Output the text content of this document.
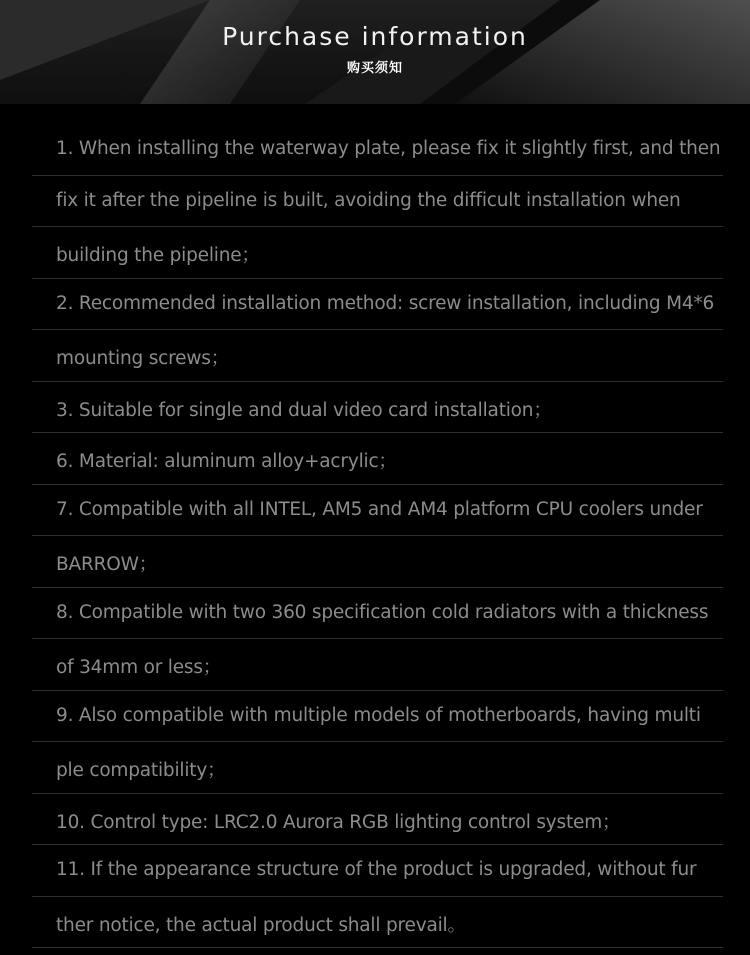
Purchase information
购买须知
1. When installing the waterway plate, please fix it slightly first, and then
fix it after the pipeline is built, avoiding the difficult installation when
building the pipeline；
2. Recommended installation method: screw installation, including M4*6
mounting screws；
3. Suitable for single and dual video card installation；
6. Material: aluminum alloy+acrylic；
7. Compatible with all INTEL, AM5 and AM4 platform CPU coolers under
BARROW；
8. Compatible with two 360 specification cold radiators with a thickness
of 34mm or less；
9. Also compatible with multiple models of motherboards, having multi
ple compatibility；
10. Control type: LRC2.0 Aurora RGB lighting control system；
11. If the appearance structure of the product is upgraded, without fur
ther notice, the actual product shall prevail。
